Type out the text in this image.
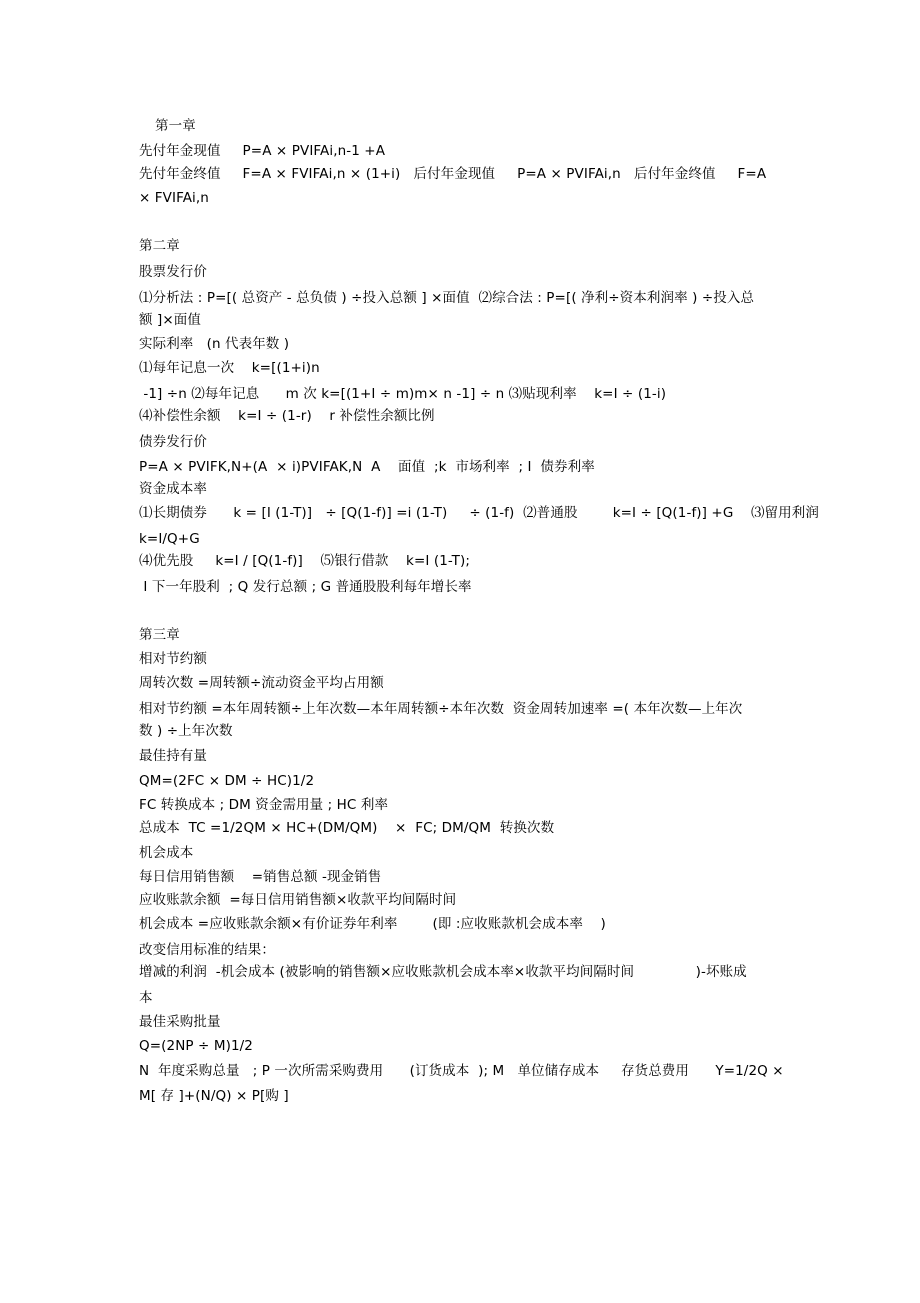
第一章
先付年金现值     P=A × PVIFAi,n-1 +A
先付年金终值     F=A × FVIFAi,n × (1+i)   后付年金现值     P=A × PVIFAi,n   后付年金终值     F=A
× FVIFAi,n
第二章
股票发行价
⑴分析法 : P=[( 总资产 - 总负债 ) ÷投入总额 ] ×面值  ⑵综合法 : P=[( 净利÷资本利润率 ) ÷投入总
额 ]×面值
实际利率   (n 代表年数 )
⑴每年记息一次    k=[(1+i)n
-1] ÷n ⑵每年记息      m 次 k=[(1+I ÷ m)m× n -1] ÷ n ⑶贴现利率    k=I ÷ (1-i)
⑷补偿性余额    k=I ÷ (1-r)    r 补偿性余额比例
债券发行价
P=A × PVIFK,N+(A  × i)PVIFAK,N  A    面值  ;k  市场利率  ; I  债券利率
资金成本率
⑴长期债券      k = [I (1-T)]   ÷ [Q(1-f)] =i (1-T)     ÷ (1-f)  ⑵普通股        k=I ÷ [Q(1-f)] +G    ⑶留用利润
k=I/Q+G
⑷优先股     k=I / [Q(1-f)]    ⑸银行借款    k=I (1-T);
I 下一年股利  ; Q 发行总额 ; G 普通股股利每年增长率
第三章
相对节约额
周转次数 =周转额÷流动资金平均占用额
相对节约额 =本年周转额÷上年次数—本年周转额÷本年次数  资金周转加速率 =( 本年次数—上年次
数 ) ÷上年次数
最佳持有量
QM=(2FC × DM ÷ HC)1/2
FC 转换成本 ; DM 资金需用量 ; HC 利率
总成本  TC =1/2QM × HC+(DM/QM)    ×  FC; DM/QM  转换次数
机会成本
每日信用销售额    =销售总额 -现金销售
应收账款余额  =每日信用销售额×收款平均间隔时间
机会成本 =应收账款余额×有价证券年利率        (即 :应收账款机会成本率    )
改变信用标准的结果：
增减的利润  -机会成本 (被影响的销售额×应收账款机会成本率×收款平均间隔时间              )-坏账成
本
最佳采购批量
Q=(2NP ÷ M)1/2
N  年度采购总量   ; P 一次所需采购费用      (订货成本  ); M   单位储存成本     存货总费用      Y=1/2Q ×
M[ 存 ]+(N/Q) × P[购 ]
